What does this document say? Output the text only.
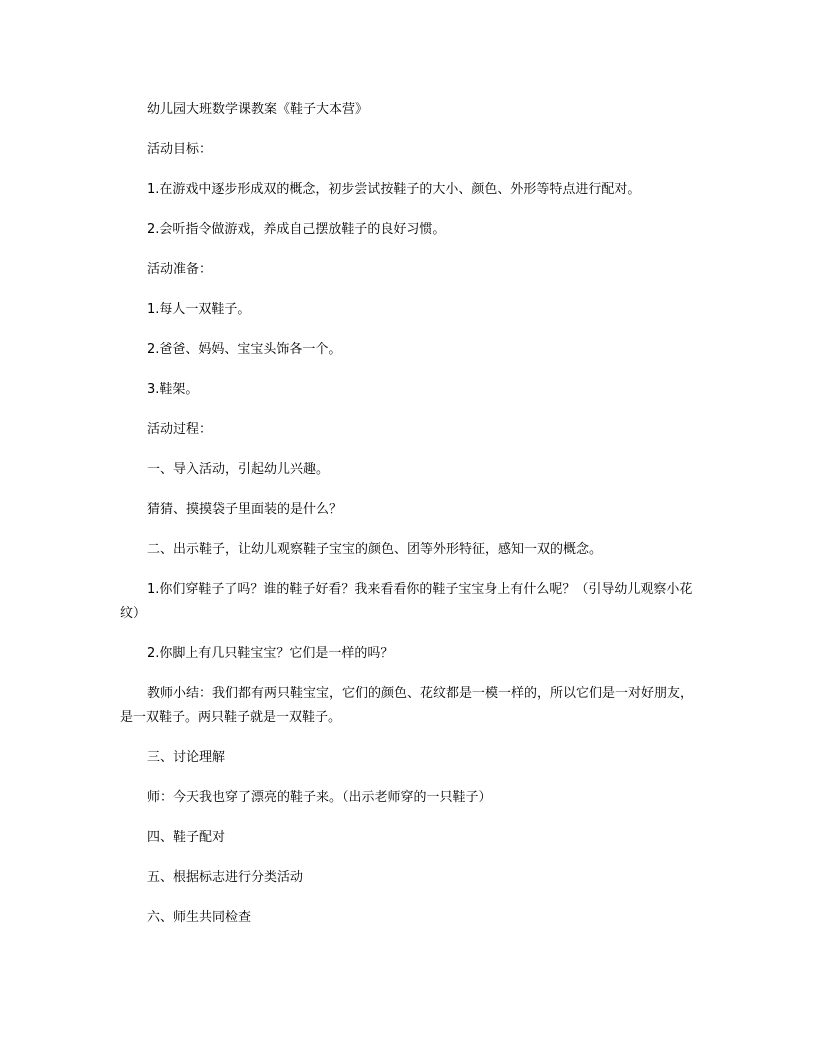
幼儿园大班数学课教案《鞋子大本营》

活动目标：

1.在游戏中逐步形成双的概念，初步尝试按鞋子的大小、颜色、外形等特点进行配对。

2.会听指令做游戏，养成自己摆放鞋子的良好习惯。

活动准备：

1.每人一双鞋子。

2.爸爸、妈妈、宝宝头饰各一个。

3.鞋架。

活动过程：

一、导入活动，引起幼儿兴趣。

猜猜、摸摸袋子里面装的是什么？

二、出示鞋子，让幼儿观察鞋子宝宝的颜色、团等外形特征，感知一双的概念。

1.你们穿鞋子了吗？谁的鞋子好看？我来看看你的鞋子宝宝身上有什么呢？（引导幼儿观察小花纹）

2.你脚上有几只鞋宝宝？它们是一样的吗？

教师小结：我们都有两只鞋宝宝，它们的颜色、花纹都是一模一样的，所以它们是一对好朋友，是一双鞋子。两只鞋子就是一双鞋子。

三、讨论理解

师：今天我也穿了漂亮的鞋子来。（出示老师穿的一只鞋子）

四、鞋子配对

五、根据标志进行分类活动

六、师生共同检查
